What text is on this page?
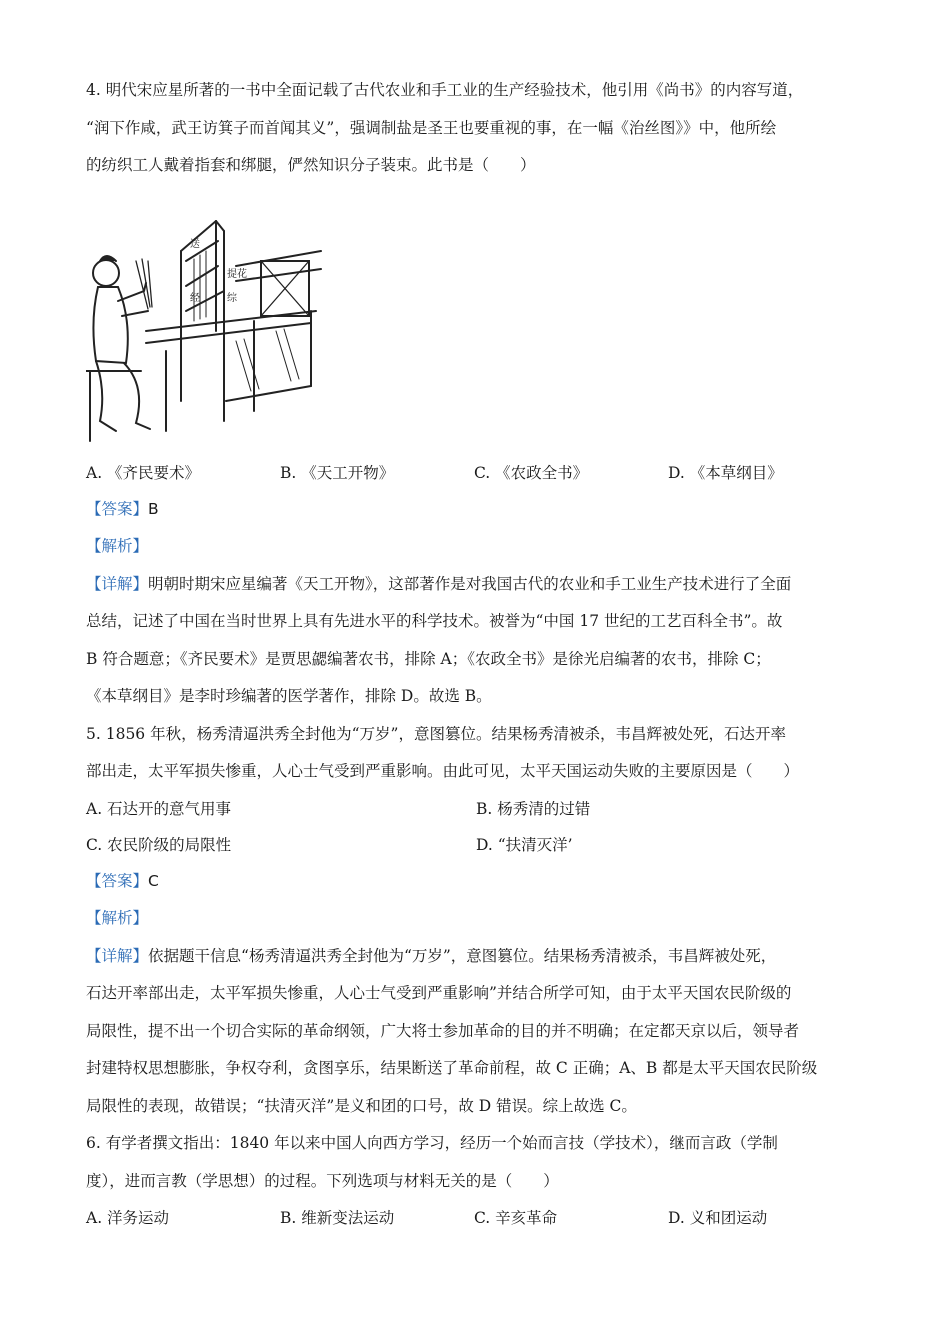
4. 明代宋应星所著的一书中全面记载了古代农业和手工业的生产经验技术，他引用《尚书》的内容写道，
“润下作咸，武王访箕子而首闻其义”，强调制盐是圣王也要重视的事，在一幅《治丝图》》中，他所绘
的纺织工人戴着指套和绑腿，俨然知识分子装束。此书是（　　）
送
经
提花
综
A. 《齐民要术》	B. 《天工开物》	C. 《农政全书》	D. 《本草纲目》
【答案】B
【解析】
【详解】明朝时期宋应星编著《天工开物》，这部著作是对我国古代的农业和手工业生产技术进行了全面
总结，记述了中国在当时世界上具有先进水平的科学技术。被誉为“中国 17 世纪的工艺百科全书”。故
B 符合题意；《齐民要术》是贾思勰编著农书，排除 A；《农政全书》是徐光启编著的农书，排除 C；
《本草纲目》是李时珍编著的医学著作，排除 D。故选 B。
5. 1856 年秋，杨秀清逼洪秀全封他为“万岁”，意图篡位。结果杨秀清被杀，韦昌辉被处死，石达开率
部出走，太平军损失惨重，人心士气受到严重影响。由此可见，太平天国运动失败的主要原因是（　　）
A. 石达开的意气用事	B. 杨秀清的过错
C. 农民阶级的局限性	D. “扶清灭洋’
【答案】C
【解析】
【详解】依据题干信息“杨秀清逼洪秀全封他为“万岁”，意图篡位。结果杨秀清被杀，韦昌辉被处死，
石达开率部出走，太平军损失惨重，人心士气受到严重影响”并结合所学可知，由于太平天国农民阶级的
局限性，提不出一个切合实际的革命纲领，广大将士参加革命的目的并不明确；在定都天京以后，领导者
封建特权思想膨胀，争权夺利，贪图享乐，结果断送了革命前程，故 C 正确；A、B 都是太平天国农民阶级
局限性的表现，故错误；“扶清灭洋”是义和团的口号，故 D 错误。综上故选 C。
6. 有学者撰文指出：1840 年以来中国人向西方学习，经历一个始而言技（学技术），继而言政（学制
度），进而言教（学思想）的过程。下列选项与材料无关的是（　　）
A. 洋务运动	B. 维新变法运动	C. 辛亥革命	D. 义和团运动
